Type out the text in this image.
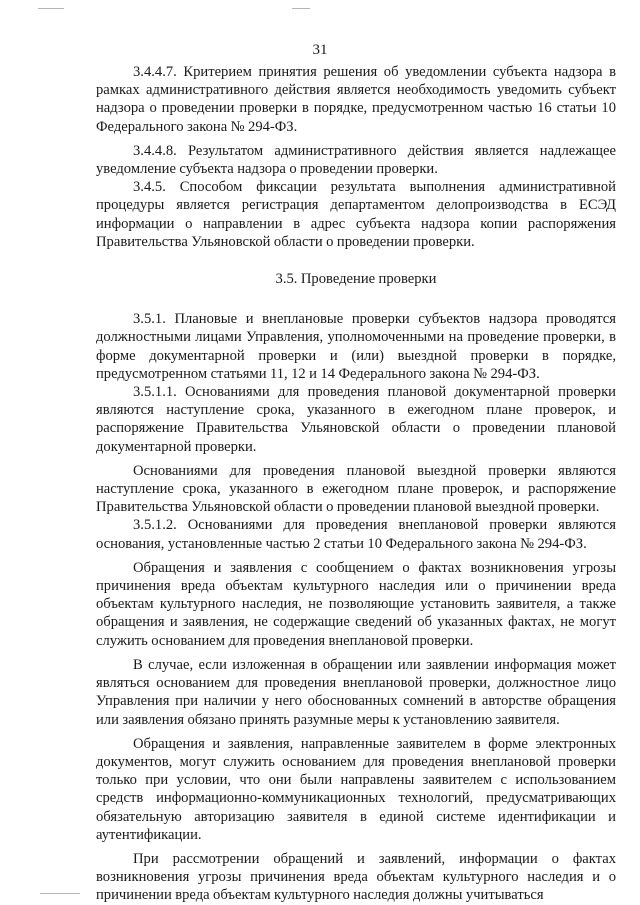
31

3.4.4.7. Критерием принятия решения об уведомлении субъекта надзора в рамках административного действия является необходимость уведомить субъект надзора о проведении проверки в порядке, предусмотренном частью 16 статьи 10 Федерального закона № 294-ФЗ.

3.4.4.8. Результатом административного действия является надлежащее уведомление субъекта надзора о проведении проверки.

3.4.5. Способом фиксации результата выполнения административной процедуры является регистрация департаментом делопроизводства в ЕСЭД информации о направлении в адрес субъекта надзора копии распоряжения Правительства Ульяновской области о проведении проверки.

3.5. Проведение проверки

3.5.1. Плановые и внеплановые проверки субъектов надзора проводятся должностными лицами Управления, уполномоченными на проведение проверки, в форме документарной проверки и (или) выездной проверки в порядке, предусмотренном статьями 11, 12 и 14 Федерального закона № 294-ФЗ.

3.5.1.1. Основаниями для проведения плановой документарной проверки являются наступление срока, указанного в ежегодном плане проверок, и распоряжение Правительства Ульяновской области о проведении плановой документарной проверки.

Основаниями для проведения плановой выездной проверки являются наступление срока, указанного в ежегодном плане проверок, и распоряжение Правительства Ульяновской области о проведении плановой выездной проверки.

3.5.1.2. Основаниями для проведения внеплановой проверки являются основания, установленные частью 2 статьи 10 Федерального закона № 294-ФЗ.

Обращения и заявления с сообщением о фактах возникновения угрозы причинения вреда объектам культурного наследия или о причинении вреда объектам культурного наследия, не позволяющие установить заявителя, а также обращения и заявления, не содержащие сведений об указанных фактах, не могут служить основанием для проведения внеплановой проверки.

В случае, если изложенная в обращении или заявлении информация может являться основанием для проведения внеплановой проверки, должностное лицо Управления при наличии у него обоснованных сомнений в авторстве обращения или заявления обязано принять разумные меры к установлению заявителя.

Обращения и заявления, направленные заявителем в форме электронных документов, могут служить основанием для проведения внеплановой проверки только при условии, что они были направлены заявителем с использованием средств информационно-коммуникационных технологий, предусматривающих обязательную авторизацию заявителя в единой системе идентификации и аутентификации.

При рассмотрении обращений и заявлений, информации о фактах возникновения угрозы причинения вреда объектам культурного наследия и о причинении вреда объектам культурного наследия должны учитываться
